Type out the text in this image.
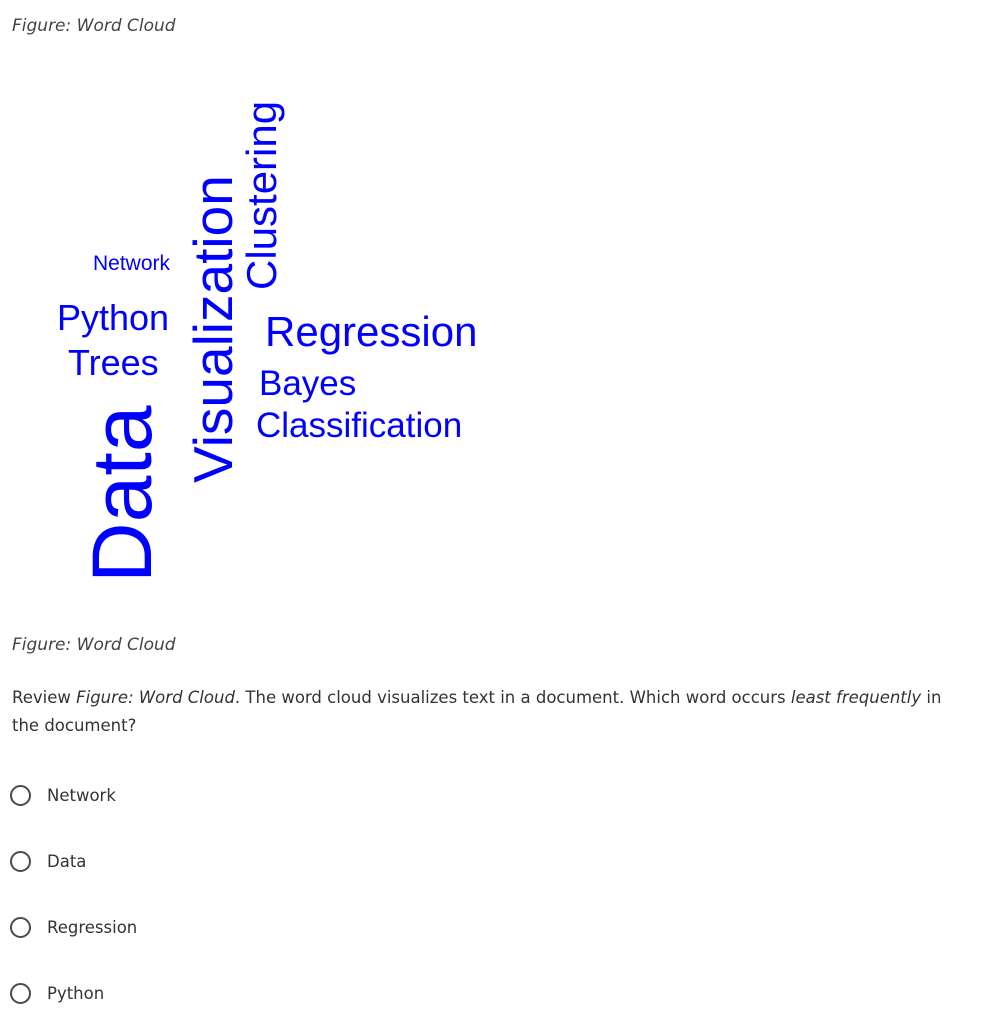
Figure: Word Cloud
Network
Python
Trees
Data
Visualization
Clustering
Regression
Bayes
Classification
Figure: Word Cloud
Review Figure: Word Cloud. The word cloud visualizes text in a document. Which word occurs least frequently in the document?
Network
Data
Regression
Python
